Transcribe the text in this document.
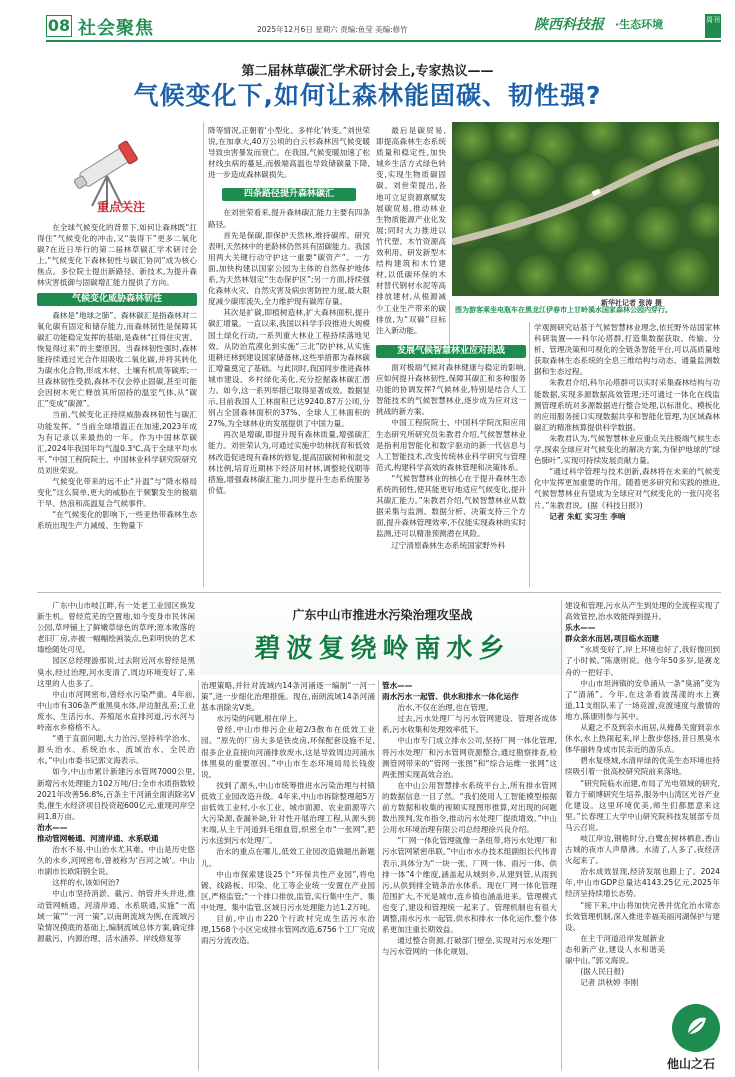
08 社会聚焦	2025年12月6日 星期六 责编:鱼莹 美编:修竹	陕西科技报 ·生态环境	周刊
第二届林草碳汇学术研讨会上,专家热议——
气候变化下,如何让森林能固碳、韧性强?
重点关注

在全球气候变化的背景下,如何让森林既“扛得住”气候变化的冲击,又“装得下”更多二氧化碳?在近日举行的第二届林草碳汇学术研讨会上,“气候变化下森林韧性与碳汇协同”成为核心焦点。多位院士提出新路径、新技术,为提升森林灾害抵御与固碳增汇能力提供了方向。

气候变化威胁森林韧性

森林是“地球之肺”。森林碳汇是指森林对二氧化碳有固定和储存能力,而森林韧性是保障其碳汇功能稳定发挥的基础,是森林“扛得住灾害、恢复得过来”的主要原因。当森林韧性强时,森林能持续通过光合作用吸收二氧化碳,并将其转化为碳水化合物,形成木材、土壤有机质等碳库;一旦森林韧性受损,森林不仅会停止固碳,甚至可能会因树木死亡释放其所固持的温室气体,从“碳汇”变成“碳源”。

当前,气候变化正持续威胁森林韧性与碳汇功能发挥。“当前全球增温正在加速,2023年成为有记录以来最热的一年。作为中国林草碳汇,2024年我国年均气温0.3℃,高于全球平均水平。”中国工程院院士、中国林业科学研究院研究员刘世荣说。

气候变化带来的远不止“升温”与“降水格局变化”这么简单,更大的威胁在于频繁发生的极端干旱、热浪和高温复合气候事件。

“在气候变化的影响下,一些亚热带森林生态系统出现生产力减缓、生物量下

降等情况,正朝着‘小型化、多样化’转变。”刘世荣说,在加拿大,40万公顷的白云杉森林因气候变暖导致虫害暴发而衰亡。在我国,气候变暖加速了松材线虫病的蔓延,而极端高温也导致储碳量下降,进一步造成森林碳损失。

四条路径提升森林碳汇

在刘世荣看来,提升森林碳汇能力主要有四条路径。

首先是保碳,即保护天然林,维持碳库。研究表明,天然林中的老龄林仍然具有固碳能力。我国用两大关键行动守护这一重要“碳资产”。一方面,加快构建以国家公园为主体的自然保护地体系,为天然林划定“生态保护区”;另一方面,持续强化森林火灾、自然灾害及病虫害防控力度,最大限度减少碳库流失,全力维护现有碳库存量。

其次是扩碳,即植树造林,扩大森林面积,提升碳汇增量。一直以来,我国以科学手段推进大规模国土绿化行动,一系列重大林业工程持续落地见效。从防治荒漠化到实施“三北”防护林,从实施退耕还林到建设国家储备林,这些举措都为森林碳汇增量奠定了基础。与此同时,我国同步推进森林城市建设、乡村绿化美化,充分挖掘森林碳汇潜力。如今,这一系列举措已取得显著成效。数据显示,目前我国人工林面积已达9240.87万公顷,分别占全国森林面积的37%、全球人工林面积的27%,为全球林业的发展提供了中国力量。

再次是增碳,即提升现有森林质量,增强碳汇能力。刘世荣认为,可通过实施中幼林抚育和低效林改造促进现有森林的修复,提高固碳树种和混交林比例,培育近期林下经济用材林,调整轮伐期等措施,增强森林碳汇能力,同步提升生态系统服务价值。

最后是碳贸易,即提高森林生态系统质量和稳定性,加快城乡生活方式绿色转变,实现生物质碳固碳。刘世荣提出,各地可立足资源禀赋发展碳贸易,推动林业生物质能源产业化发展;同时大力推进以竹代塑、木竹资源高效利用、研发新型木结构建筑和木竹建材,以低碳环保的木材替代钢材水泥等高排放建材,从根源减少工业生产带来的碳排放,为“双碳”目标注入新动能。

新华社记者 张涛 摄
图为游客乘坐电瓶车在黑龙江伊春市上甘岭溪水国家森林公园内穿行。
发展气候智慧林业应对挑战

面对极端气候对森林健康与稳定的影响,应如何提升森林韧性,保障其碳汇和多种服务功能的协调发挥?气候林业,特别是结合人工智能技术的气候智慧林业,逐步成为应对这一挑战的新方案。

中国工程院院士、中国科学院沈阳应用生态研究所研究员朱教君介绍,气候智慧林业是指利用智能化和数字驱动的新一代信息与人工智能技术,改变传统林业科学研究与管理范式,构建科学高效的森林管理和决策体系。

“气候智慧林业的核心在于提升森林生态系统的韧性,使其能更好地适应气候变化,提升其碳汇能力。”朱教君介绍,气候智慧林业从数据采集与监测、数据分析、决策支持三个方面,提升森林管理效率,不仅能实现森林的实时监测,还可以精准预测潜在风险。

辽宁清原森林生态系统国家野外科

学观测研究站基于气候智慧林业理念,依托野外站国家林科研装置——科尔沁塔群,打造集数据获取、传输、分析、管理决策和可视化的全链条智能平台,可以高质量地获取森林生态系统的全息三维结构与动态、通量监测数据和生态过程。

朱教君介绍,科尔沁塔群可以实时采集森林结构与功能数据,实现多源数据高效管理;还可通过一体化在线监测管理系统对多源数据进行整合处理,以标准化、模板化的应用服务接口实现数据共享和智能化管理,为区域森林碳汇的精准核算提供科学数据。

朱教君认为,气候智慧林业应重点关注极端气候生态学,探索全球应对气候变化的解决方案,为保护地球的“绿色肺叶”,实现可持续发展贡献力量。

“通过科学管理与技术创新,森林将在未来的气候变化中发挥更加重要的作用。随着更多研究和实践的推进,气候智慧林业有望成为全球应对气候变化的一张闪亮名片。”朱教君说。(据《科技日报》)

记者 朱虹 实习生 李响

广东中山市推进水污染治理攻坚战
碧波复绕岭南水乡

广东中山市岐江畔,有一处老工业园区焕发新生机。曾经荒芜的空置地,如今变身市民休闲公园,草坪铺上了鲜嫩草绿色的草坪;原本败落的老旧厂房,亦被一幅幅绘画装点,色彩明快的艺术墙绘随处可见。

园区总经理游那说,过去附近河水曾经是黑臭水,经过治理,河水变清了,周边环境变好了,来这里的人也多了。

中山市河网密布,曾经水污染严重。4年前,中山市有306条严重黑臭水体,岸边脏乱差;工业废水、生活污水、养殖尾水直排河道,污水河与岭南水乡格格不入。

“勇于直面问题,大力治污,坚持科学治水、源头治水、系统治水、流域治水、全民治水。”中山市委书记郭文海表示。

如今,中山市累计新建污水管网7000公里,新增污水处理能力102万吨/日;全市水质指数较2021年改善56.8%,百条主干河涌全面消除劣V类,催生水经济项目投资超600亿元,重现河岸空间1.8万亩。

治水——

推动管网畅通、河清岸通、水系联通

治水不易,中山治水尤其难。中山是历史悠久的水乡,河网密布,曾被称为‘百河之城’。中山市副市长欧阳钢全说。

这样的水,该如何治?

中山市坚持消淤、截污、纳管并头并进,推动管网畅通、河清岸通、水系联通,实施“一流域一策”“一河一策”,以南朗流域为例,在流域污染情况摸底的基础上,编制流域总体方案,确定排源截污、内源治理、活水涵养、岸线修复等

治理策略,并针对流域内14条河涌逐一编制“一河一策”,进一步细化治理措施。现在,南朗流域14条河涌基本消除劣V类。

水污染的问题,根在岸上。

曾经,中山市排污企业超2/3散布在低效工业园。“原先的厂房大多是铁皮房,环保配套设施不足,很多企业直接向河涌排放废水,这是导致周边河涌水体黑臭的重要原因。”中山市生态环境局局长钱俊说。

找到了源头,中山市统筹推进水污染治理与村镇低效工业园改造升级。4年来,中山市拆除整理超5万亩低效工业村,小水工业、城市面源、农业面源等六大污染源,查漏补缺,针对性开展治理工程,从源头到末端,从主干河道到毛细血管,织密全市“一张网”,把污水送到污水处理厂。

治水的重点在哪儿,低效工业园改造做题出新题儿。

中山市探索建设25个“环保共性产业园”,将电镀、线路板、印染、化工等企业统一安置在产业园区,严格监管;“一个排口排放,监管,实行集中生产、集中处理、集中监管,区域日污水处理能力达1.2万吨。

目前,中山市220个行政村完成生活污水治理,1568个小区完成排水管网改造,6756个工厂完成雨污分流改造。

管水——

雨水污水一起管、供水和排水一体化运作

治水,不仅在治理,也在管理。

过去,污水处理厂与污水管网建设、管理各成体系,污水收集和处理效率低下。

中山市专门成立排水公司,坚持厂网一体化管理,将污水处理厂和污水管网资源整合,通过勘察排查,检测管网带来的“管网一张图”和“综合运维一张网”这两张图实现高效合治。

在中山公用智慧排水系统平台上,所有排水管网的数据信息一目了然。“我们使用人工智能模型根据前方数据和收集的视频实现图形推算,对出现的问题数出预判,发布指令,推动污水处理厂提质增效。”中山公用水环境治理有限公司总经理徐兴良介绍。

“厂网一体化管理就像一条纽带,将污水处理厂和污水管网紧密串联。”中山市水办技术组副组长代伟青表示,具体分为“一块一张、厂网一体、雨污一体、供排一体”4个维度,涵盖起从城到乡,从建到管,从雨到污,从供到排全链条治水体系。现在厂网一体化管理范围扩大,不光是城市,连乡镇也涵盖进来。管理模式也变了,建设和管理统一起来了。管理机制也有很大调整,雨水污水一起管,供水和排水一体化运作,整个体系更加注重长期效益。

通过整合资源,打破部门壁垒,实现对污水处理厂与污水管网的一体化规划、

建设和管理,污水从产生到处理的全流程实现了高效管控,治水效能得到提升。

乐水——

群众亲水而居,项目临水而建

“水质变好了,岸上环境也好了,我好像回到了小时候。”陈康则说。他今年50多岁,是赛龙舟的一把好手。

中山市坦洲镇的安阜涌从一条“臭涌”变为了“清涌”。今年,在这条看波荡漾的水上赛道,11支组队来了一场竞渡,竞渡速度与激情的地方,陈康则参与其中。

从避之不及到亲水而居,从掩鼻关窗到亲水休水,水上热闹起来,岸上散步悠扬,昔日黑臭水体华丽转身成市民亲近的游乐点。

碧水复绕城,水清岸绿的优美生态环境也持续吸引着一批高校研究院前来落地。

“研究院临水而建,布局了光电领域的研究,着力于硕博研究生培养,服务中山湾区光谷产业化建设。这里环境优美,师生们都愿意来这里。”长春理工大学中山研究院科技发展部专员马云召说。

岐江岸边,钢桅时分,白鹭在树林栖息,香山古城的夜市人声鼎沸。水清了,人多了,夜经济火起来了。

治水成效显现,经济发展也跟上了。2024年,中山市GDP总量达4143.25亿元,2025年经济呈持续增长态势。

“接下来,中山将加快完善并优化治水常态长效管理机制,深入推进幸福美丽河湖保护与建设。

在主干河道沿岸发展新业态和新产业,建设人水和谐美丽中山。”郭文海说。

(据人民日报)

记者 洪秋婷 李刚

他山之石
